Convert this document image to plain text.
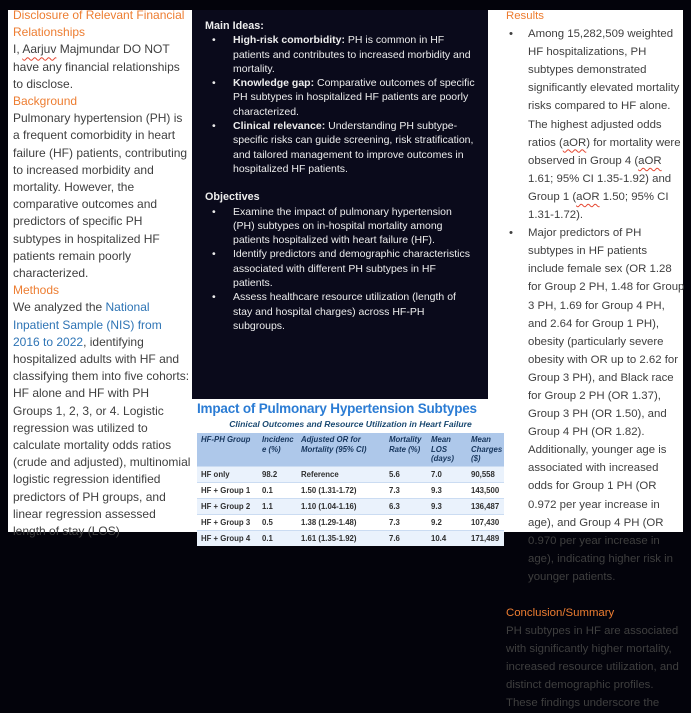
Disclosure of Relevant Financial Relationships
I, Aarjuv Majmundar DO NOT have any financial relationships to disclose.
Background
Pulmonary hypertension (PH) is a frequent comorbidity in heart failure (HF) patients, contributing to increased morbidity and mortality. However, the comparative outcomes and predictors of specific PH subtypes in hospitalized HF patients remain poorly characterized.
Methods
We analyzed the National Inpatient Sample (NIS) from 2016 to 2022, identifying hospitalized adults with HF and classifying them into five cohorts: HF alone and HF with PH Groups 1, 2, 3, or 4. Logistic regression was utilized to calculate mortality odds ratios (crude and adjusted), multinomial logistic regression identified predictors of PH groups, and linear regression assessed length of stay (LOS)
Main Ideas:
• High-risk comorbidity: PH is common in HF patients and contributes to increased morbidity and mortality.
• Knowledge gap: Comparative outcomes of specific PH subtypes in hospitalized HF patients are poorly characterized.
• Clinical relevance: Understanding PH subtype-specific risks can guide screening, risk stratification, and tailored management to improve outcomes in hospitalized HF patients.
Objectives
• Examine the impact of pulmonary hypertension (PH) subtypes on in-hospital mortality among patients hospitalized with heart failure (HF).
• Identify predictors and demographic characteristics associated with different PH subtypes in HF patients.
• Assess healthcare resource utilization (length of stay and hospital charges) across HF-PH subgroups.
Impact of Pulmonary Hypertension Subtypes
Clinical Outcomes and Resource Utilization in Heart Failure
HF-PH Group	Incidence (%)	Adjusted OR for Mortality (95% CI)	Mortality Rate (%)	Mean LOS (days)	Mean Charges ($)
HF only	98.2	Reference	5.6	7.0	90,558
HF + Group 1	0.1	1.50 (1.31-1.72)	7.3	9.3	143,500
HF + Group 2	1.1	1.10 (1.04-1.16)	6.3	9.3	136,487
HF + Group 3	0.5	1.38 (1.29-1.48)	7.3	9.2	107,430
HF + Group 4	0.1	1.61 (1.35-1.92)	7.6	10.4	171,489
Results
• Among 15,282,509 weighted HF hospitalizations, PH subtypes demonstrated significantly elevated mortality risks compared to HF alone. The highest adjusted odds ratios (aOR) for mortality were observed in Group 4 (aOR 1.61; 95% CI 1.35-1.92) and Group 1 (aOR 1.50; 95% CI 1.31-1.72).
• Major predictors of PH subtypes in HF patients include female sex (OR 1.28 for Group 2 PH, 1.48 for Group 3 PH, 1.69 for Group 4 PH, and 2.64 for Group 1 PH), obesity (particularly severe obesity with OR up to 2.62 for Group 3 PH), and Black race for Group 2 PH (OR 1.37), Group 3 PH (OR 1.50), and Group 4 PH (OR 1.82). Additionally, younger age is associated with increased odds for Group 1 PH (OR 0.972 per year increase in age), and Group 4 PH (OR 0.970 per year increase in age), indicating higher risk in younger patients.
Conclusion/Summary
PH subtypes in HF are associated with significantly higher mortality, increased resource utilization, and distinct demographic profiles. These findings underscore the
